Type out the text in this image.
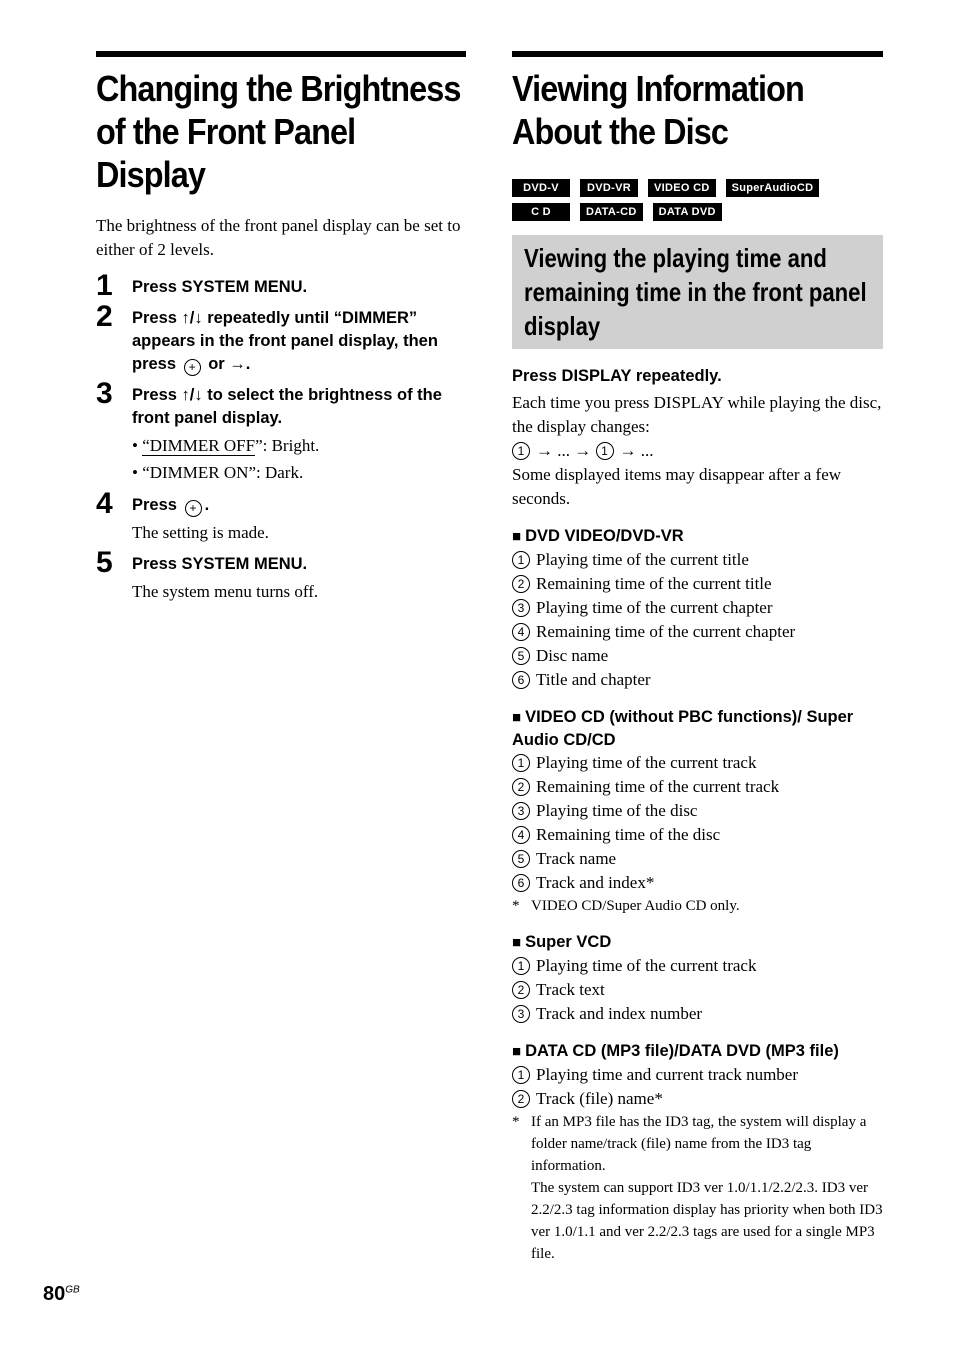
Changing the Brightness of the Front Panel Display
The brightness of the front panel display can be set to either of 2 levels.
1 Press SYSTEM MENU.
2 Press ↑/↓ repeatedly until “DIMMER” appears in the front panel display, then press + or →.
3 Press ↑/↓ to select the brightness of the front panel display.
• “DIMMER OFF”: Bright.
• “DIMMER ON”: Dark.
4 Press + .
The setting is made.
5 Press SYSTEM MENU.
The system menu turns off.
Viewing Information About the Disc
DVD-V	DVD-VR	VIDEO CD	SuperAudioCD
C D	DATA-CD	DATA DVD
Viewing the playing time and remaining time in the front panel display
Press DISPLAY repeatedly.
Each time you press DISPLAY while playing the disc, the display changes:
1 → ... → 1 → ...
Some displayed items may disappear after a few seconds.
■ DVD VIDEO/DVD-VR
1 Playing time of the current title
2 Remaining time of the current title
3 Playing time of the current chapter
4 Remaining time of the current chapter
5 Disc name
6 Title and chapter
■ VIDEO CD (without PBC functions)/ Super Audio CD/CD
1 Playing time of the current track
2 Remaining time of the current track
3 Playing time of the disc
4 Remaining time of the disc
5 Track name
6 Track and index*
* VIDEO CD/Super Audio CD only.
■ Super VCD
1 Playing time of the current track
2 Track text
3 Track and index number
■ DATA CD (MP3 file)/DATA DVD (MP3 file)
1 Playing time and current track number
2 Track (file) name*
* If an MP3 file has the ID3 tag, the system will display a folder name/track (file) name from the ID3 tag information.
The system can support ID3 ver 1.0/1.1/2.2/2.3. ID3 ver 2.2/2.3 tag information display has priority when both ID3 ver 1.0/1.1 and ver 2.2/2.3 tags are used for a single MP3 file.
$80^{GB}$
